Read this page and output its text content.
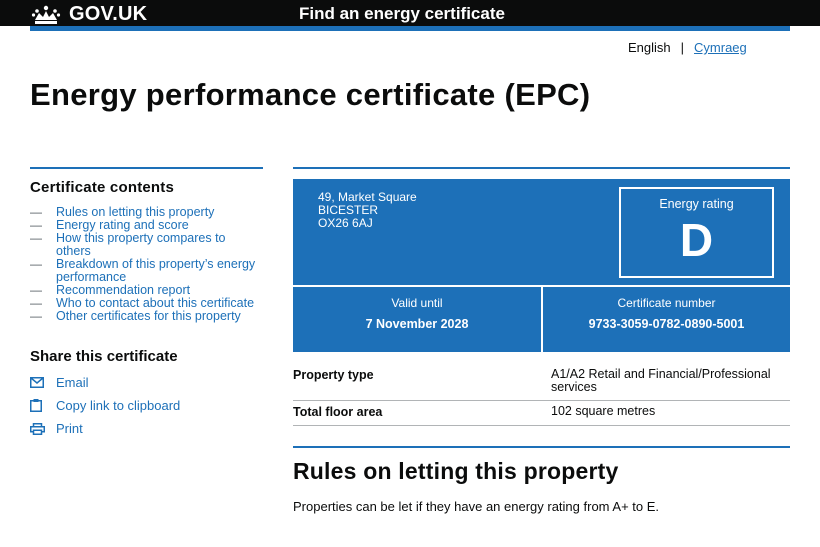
GOV.UK	Find an energy certificate
English | Cymraeg
Energy performance certificate (EPC)
Certificate contents
— Rules on letting this property
— Energy rating and score
— How this property compares to others
— Breakdown of this property’s energy performance
— Recommendation report
— Who to contact about this certificate
— Other certificates for this property
Share this certificate
Email
Copy link to clipboard
Print
49, Market Square
BICESTER
OX26 6AJ
Energy rating
D
Valid until
7 November 2028
Certificate number
9733-3059-0782-0890-5001
Property type	A1/A2 Retail and Financial/Professional services
Total floor area	102 square metres
Rules on letting this property

Properties can be let if they have an energy rating from A+ to E.
